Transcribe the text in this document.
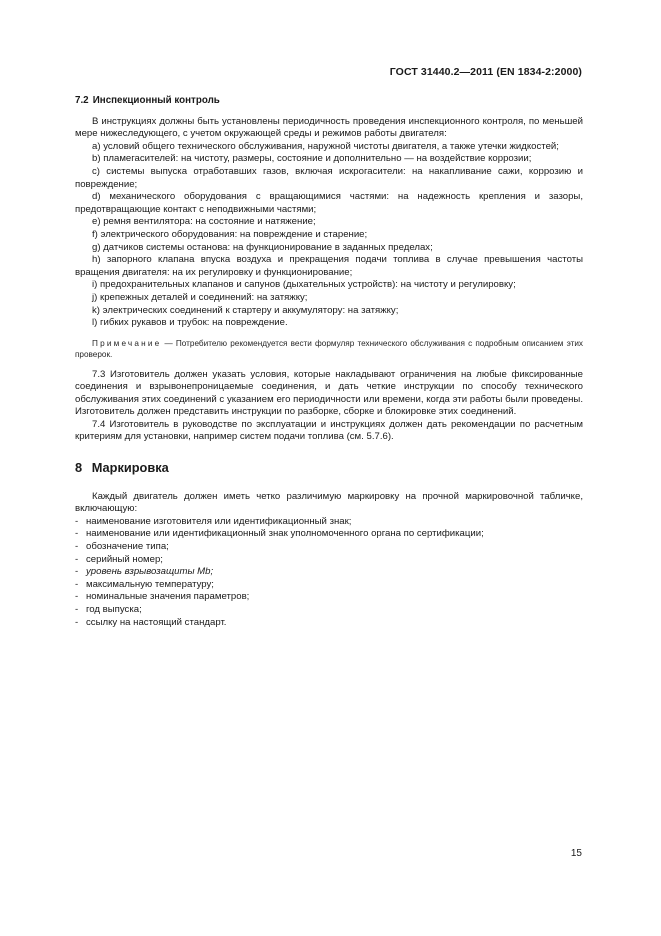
ГОСТ 31440.2—2011 (EN 1834-2:2000)
7.2 Инспекционный контроль

В инструкциях должны быть установлены периодичность проведения инспекционного контроля, по меньшей мере нижеследующего, с учетом окружающей среды и режимов работы двигателя:

а) условий общего технического обслуживания, наружной чистоты двигателя, а также утечки жидкостей;

b) пламегасителей: на чистоту, размеры, состояние и дополнительно — на воздействие коррозии;

c) системы выпуска отработавших газов, включая искрогасители: на накапливание сажи, коррозию и повреждение;

d) механического оборудования с вращающимися частями: на надежность крепления и зазоры, предотвращающие контакт с неподвижными частями;

e) ремня вентилятора: на состояние и натяжение;

f) электрического оборудования: на повреждение и старение;

g) датчиков системы останова: на функционирование в заданных пределах;

h) запорного клапана впуска воздуха и прекращения подачи топлива в случае превышения частоты вращения двигателя: на их регулировку и функционирование;

i) предохранительных клапанов и сапунов (дыхательных устройств): на чистоту и регулировку;

j) крепежных деталей и соединений: на затяжку;

k) электрических соединений к стартеру и аккумулятору: на затяжку;

l) гибких рукавов и трубок: на повреждение.

Примечание — Потребителю рекомендуется вести формуляр технического обслуживания с подробным описанием этих проверок.

7.3 Изготовитель должен указать условия, которые накладывают ограничения на любые фиксированные соединения и взрывонепроницаемые соединения, и дать четкие инструкции по способу технического обслуживания этих соединений с указанием его периодичности или времени, когда эти работы были проведены. Изготовитель должен представить инструкции по разборке, сборке и блокировке этих соединений.

7.4 Изготовитель в руководстве по эксплуатации и инструкциях должен дать рекомендации по расчетным критериям для установки, например систем подачи топлива (см. 5.7.6).

8 Маркировка

Каждый двигатель должен иметь четко различимую маркировку на прочной маркировочной табличке, включающую:

- наименование изготовителя или идентификационный знак;
- наименование или идентификационный знак уполномоченного органа по сертификации;
- обозначение типа;
- серийный номер;
- уровень взрывозащиты Mb;
- максимальную температуру;
- номинальные значения параметров;
- год выпуска;
- ссылку на настоящий стандарт.
15
